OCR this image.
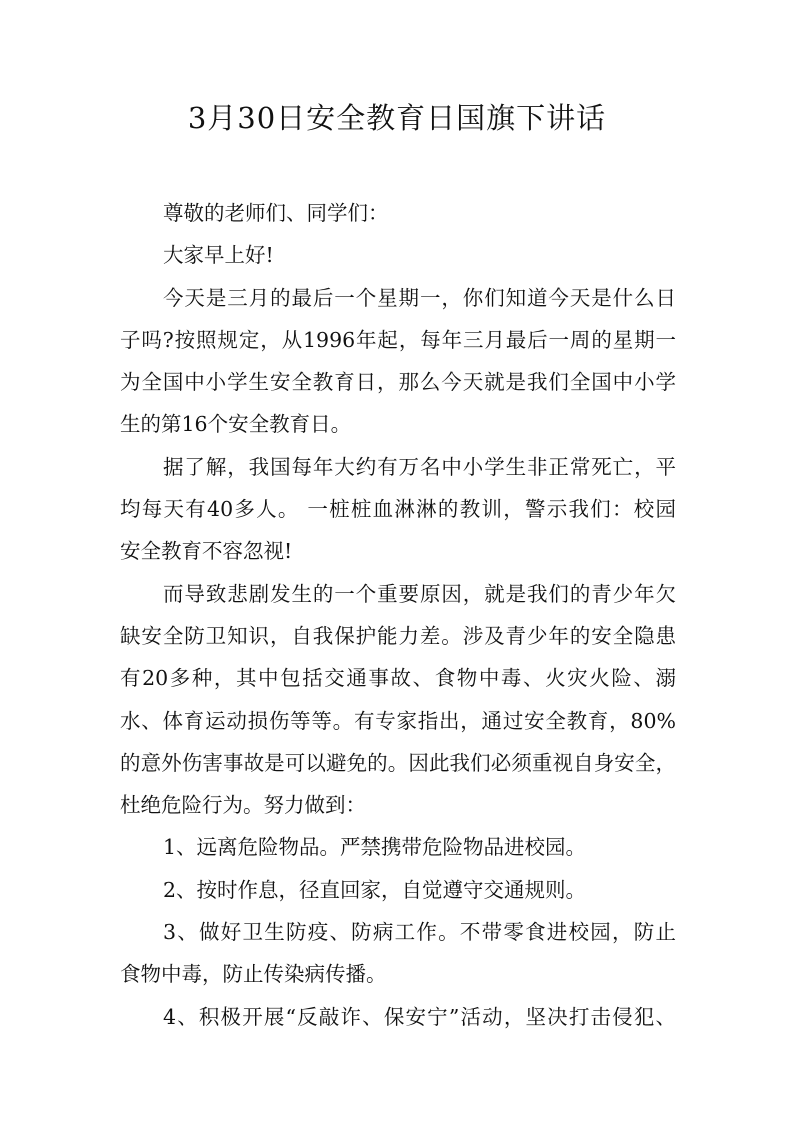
3月30日安全教育日国旗下讲话
尊敬的老师们、同学们：
大家早上好!
今天是三月的最后一个星期一，你们知道今天是什么日
子吗?按照规定，从1996年起，每年三月最后一周的星期一
为全国中小学生安全教育日，那么今天就是我们全国中小学
生的第16个安全教育日。
据了解，我国每年大约有万名中小学生非正常死亡，平
均每天有40多人。 一桩桩血淋淋的教训，警示我们：校园
安全教育不容忽视!
而导致悲剧发生的一个重要原因，就是我们的青少年欠
缺安全防卫知识，自我保护能力差。涉及青少年的安全隐患
有20多种，其中包括交通事故、食物中毒、火灾火险、溺
水、体育运动损伤等等。有专家指出，通过安全教育，80%
的意外伤害事故是可以避免的。因此我们必须重视自身安全，
杜绝危险行为。努力做到：
1、远离危险物品。严禁携带危险物品进校园。
2、按时作息，径直回家，自觉遵守交通规则。
3、做好卫生防疫、防病工作。不带零食进校园，防止
食物中毒，防止传染病传播。
4、积极开展“反敲诈、保安宁”活动，坚决打击侵犯、
